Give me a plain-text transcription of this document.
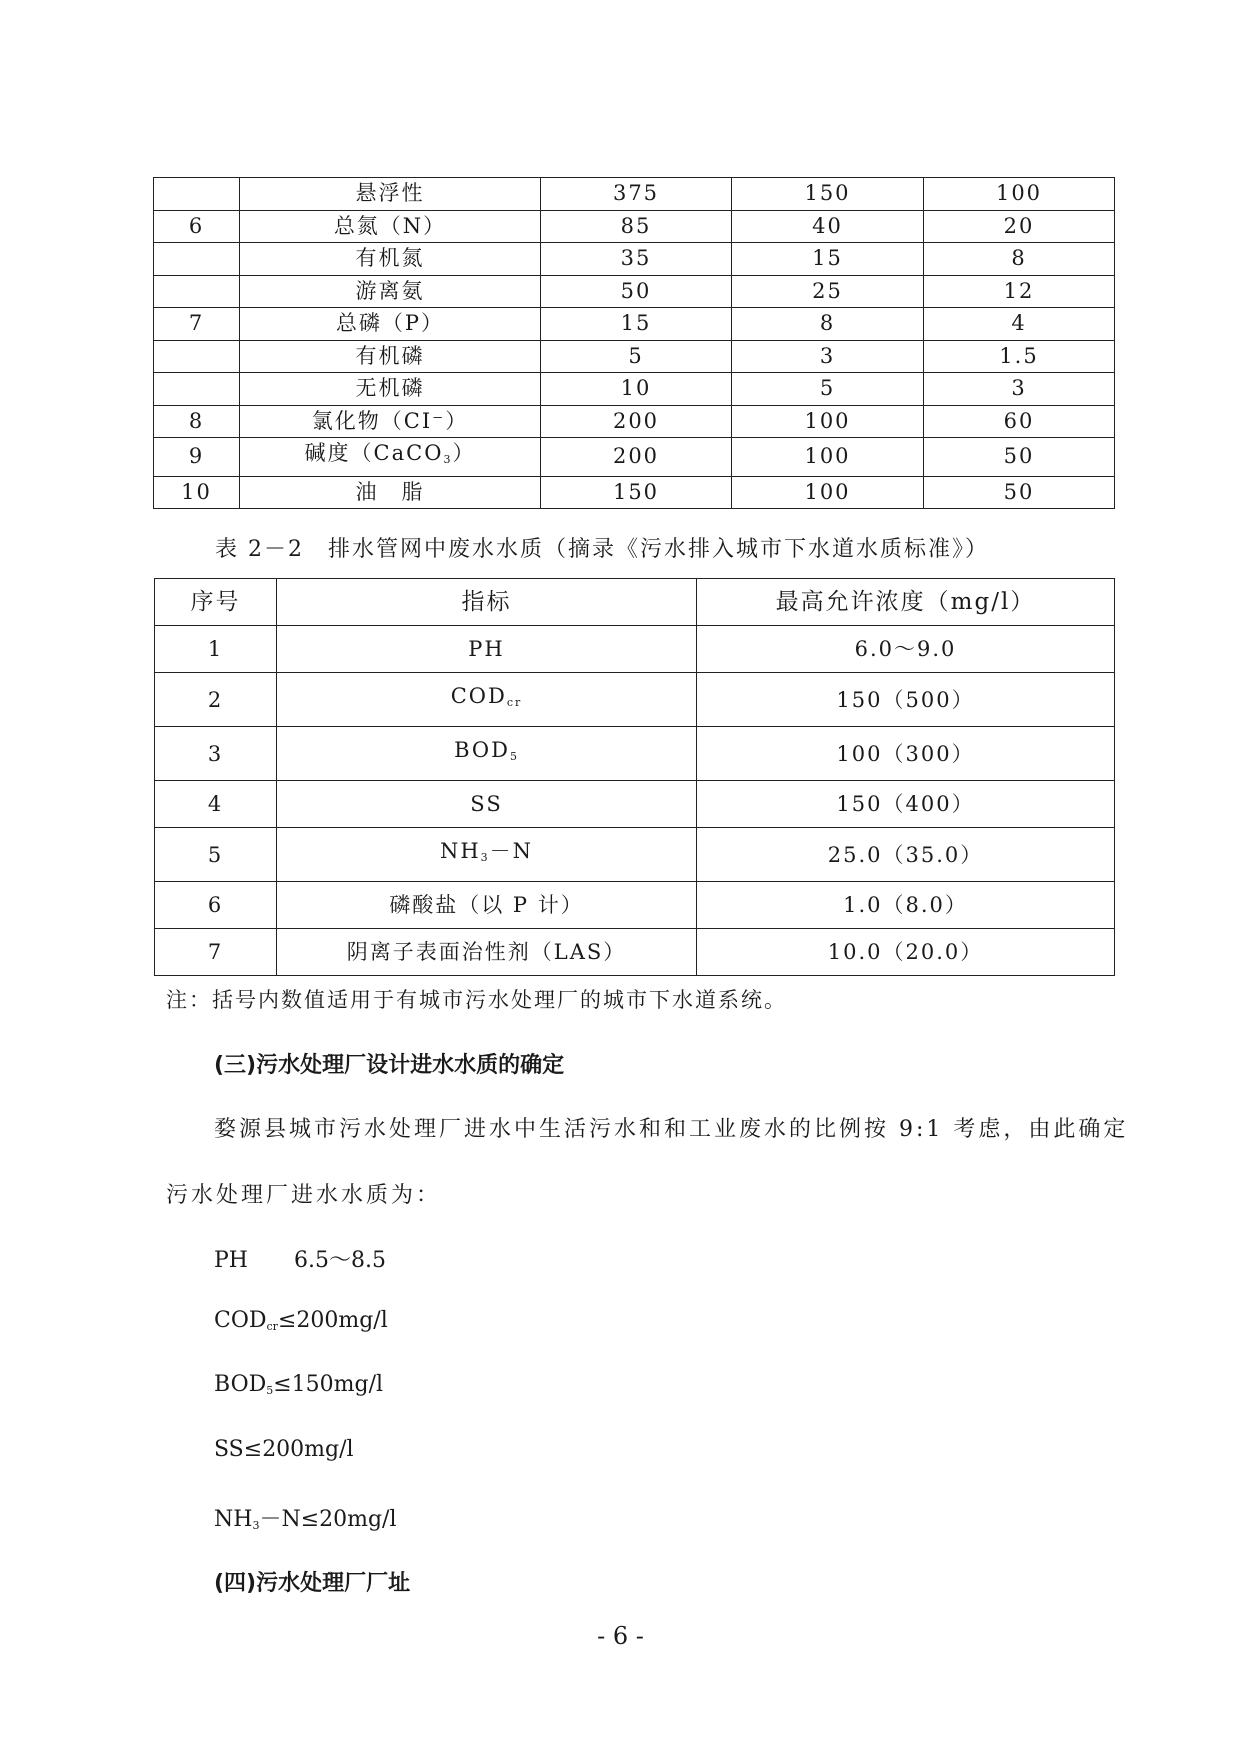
	悬浮性	375	150	100
6	总氮（N）	85	40	20
	有机氮	35	15	8
	游离氨	50	25	12
7	总磷（P）	15	8	4
	有机磷	5	3	1.5
	无机磷	10	5	3
8	氯化物（CI⁻）	200	100	60
9	碱度（CaCO$_3$）	200	100	50
10	油　脂	150	100	50
表 2－2　排水管网中废水水质（摘录《污水排入城市下水道水质标准》）
序号	指标	最高允许浓度（mg/l）
1	PH	6.0～9.0
2	$COD_{cr}$	150（500）
3	$BOD_5$	100（300）
4	SS	150（400）
5	$NH_3-N$	25.0（35.0）
6	磷酸盐（以 P 计）	1.0（8.0）
7	阴离子表面治性剂（LAS）	10.0（20.0）
注：括号内数值适用于有城市污水处理厂的城市下水道系统。
(三)污水处理厂设计进水水质的确定
婺源县城市污水处理厂进水中生活污水和和工业废水的比例按 9:1 考虑，由此确定
污水处理厂进水水质为：
PH 6.5～8.5
$COD_{cr}\le 200mg/l$
$BOD_5\le 150mg/l$
SS≤200mg/l
$NH_3-N\le 20mg/l$
(四)污水处理厂厂址
- 6 -
